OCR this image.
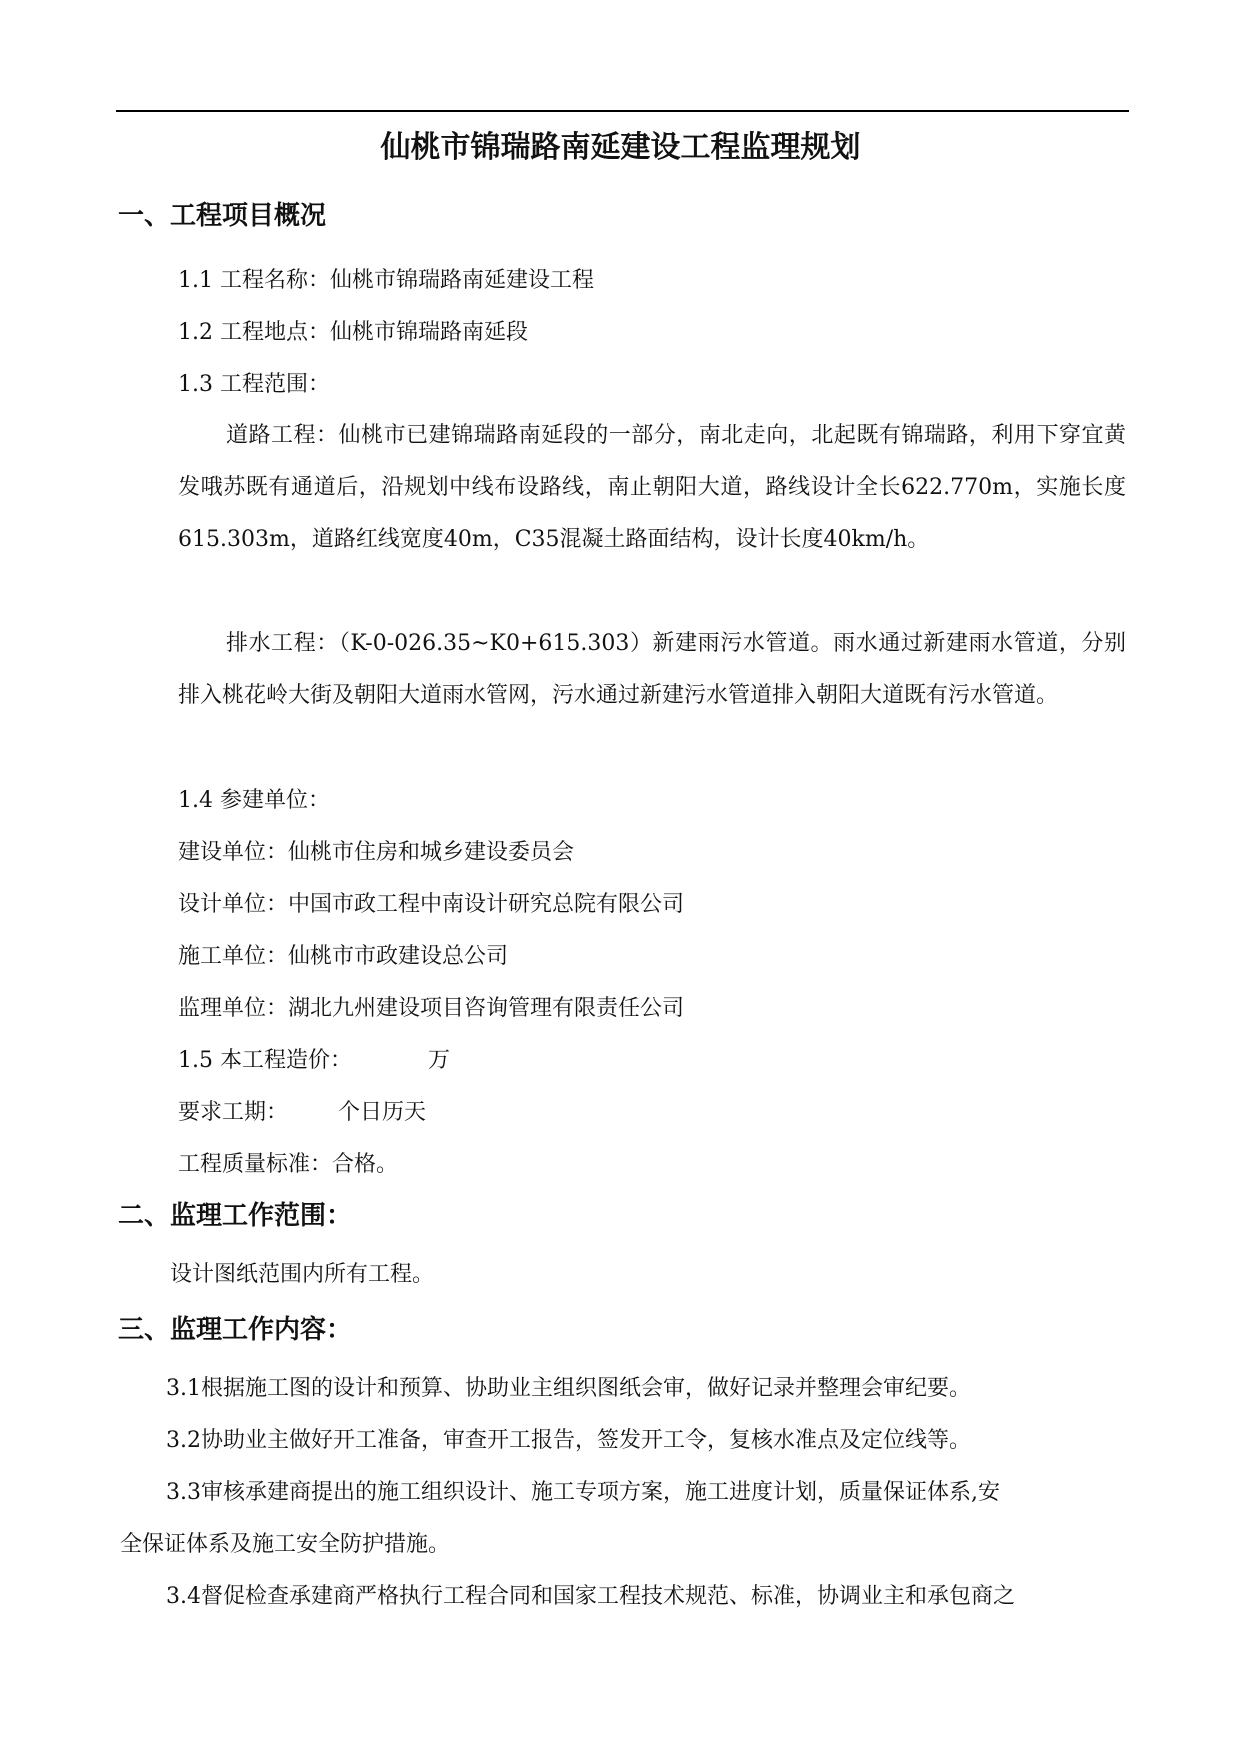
仙桃市锦瑞路南延建设工程监理规划
一、工程项目概况
1.1 工程名称：仙桃市锦瑞路南延建设工程
1.2 工程地点：仙桃市锦瑞路南延段
1.3 工程范围：
道路工程：仙桃市已建锦瑞路南延段的一部分，南北走向，北起既有锦瑞路，利用下穿宜黄发哦苏既有通道后，沿规划中线布设路线，南止朝阳大道，路线设计全长622.770m，实施长度615.303m，道路红线宽度40m，C35混凝土路面结构，设计长度40km/h。
排水工程：（K-0-026.35~K0+615.303）新建雨污水管道。雨水通过新建雨水管道，分别排入桃花岭大街及朝阳大道雨水管网，污水通过新建污水管道排入朝阳大道既有污水管道。
1.4 参建单位：
建设单位：仙桃市住房和城乡建设委员会
设计单位：中国市政工程中南设计研究总院有限公司
施工单位：仙桃市市政建设总公司
监理单位：湖北九州建设项目咨询管理有限责任公司
1.5 本工程造价：	万
要求工期： 个日历天
工程质量标准：合格。
二、监理工作范围：
设计图纸范围内所有工程。
三、监理工作内容：
3.1根据施工图的设计和预算、协助业主组织图纸会审，做好记录并整理会审纪要。
3.2协助业主做好开工准备，审查开工报告，签发开工令，复核水准点及定位线等。
3.3审核承建商提出的施工组织设计、施工专项方案，施工进度计划，质量保证体系,安
全保证体系及施工安全防护措施。
3.4督促检查承建商严格执行工程合同和国家工程技术规范、标准，协调业主和承包商之
